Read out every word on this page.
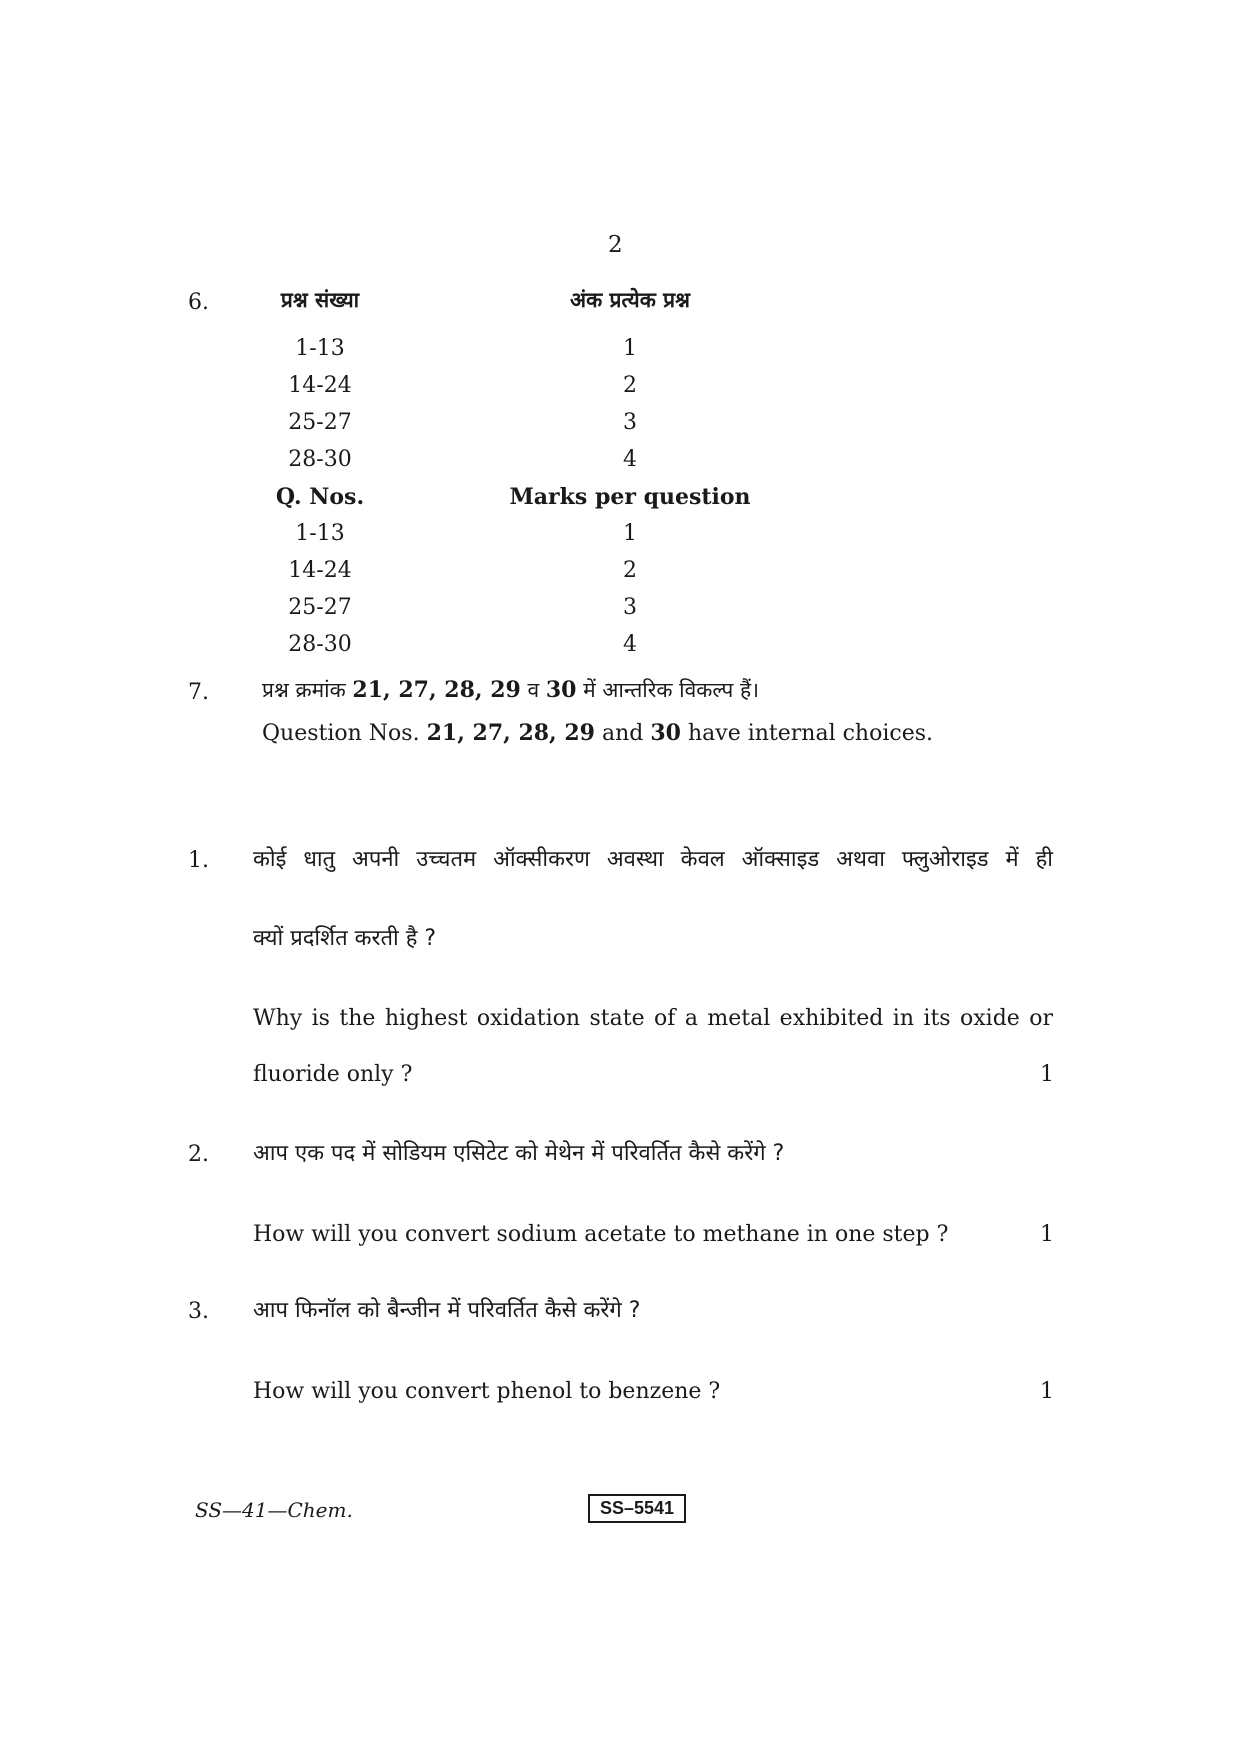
2
6.	प्रश्न संख्या	अंक प्रत्येक प्रश्न
1-13	1
14-24	2
25-27	3
28-30	4
Q. Nos.	Marks per question
1-13	1
14-24	2
25-27	3
28-30	4
7.	प्रश्न क्रमांक 21, 27, 28, 29 व 30 में आन्तरिक विकल्प हैं।
Question Nos. 21, 27, 28, 29 and 30 have internal choices.
1. कोई धातु अपनी उच्चतम ऑक्सीकरण अवस्था केवल ऑक्साइड अथवा फ्लुओराइड में ही
क्यों प्रदर्शित करती है ?
Why is the highest oxidation state of a metal exhibited in its oxide or
fluoride only ?	1
2. आप एक पद में सोडियम एसिटेट को मेथेन में परिवर्तित कैसे करेंगे ?
How will you convert sodium acetate to methane in one step ?	1
3. आप फिनॉल को बैन्जीन में परिवर्तित कैसे करेंगे ?
How will you convert phenol to benzene ?	1
SS—41—Chem.	SS–5541
